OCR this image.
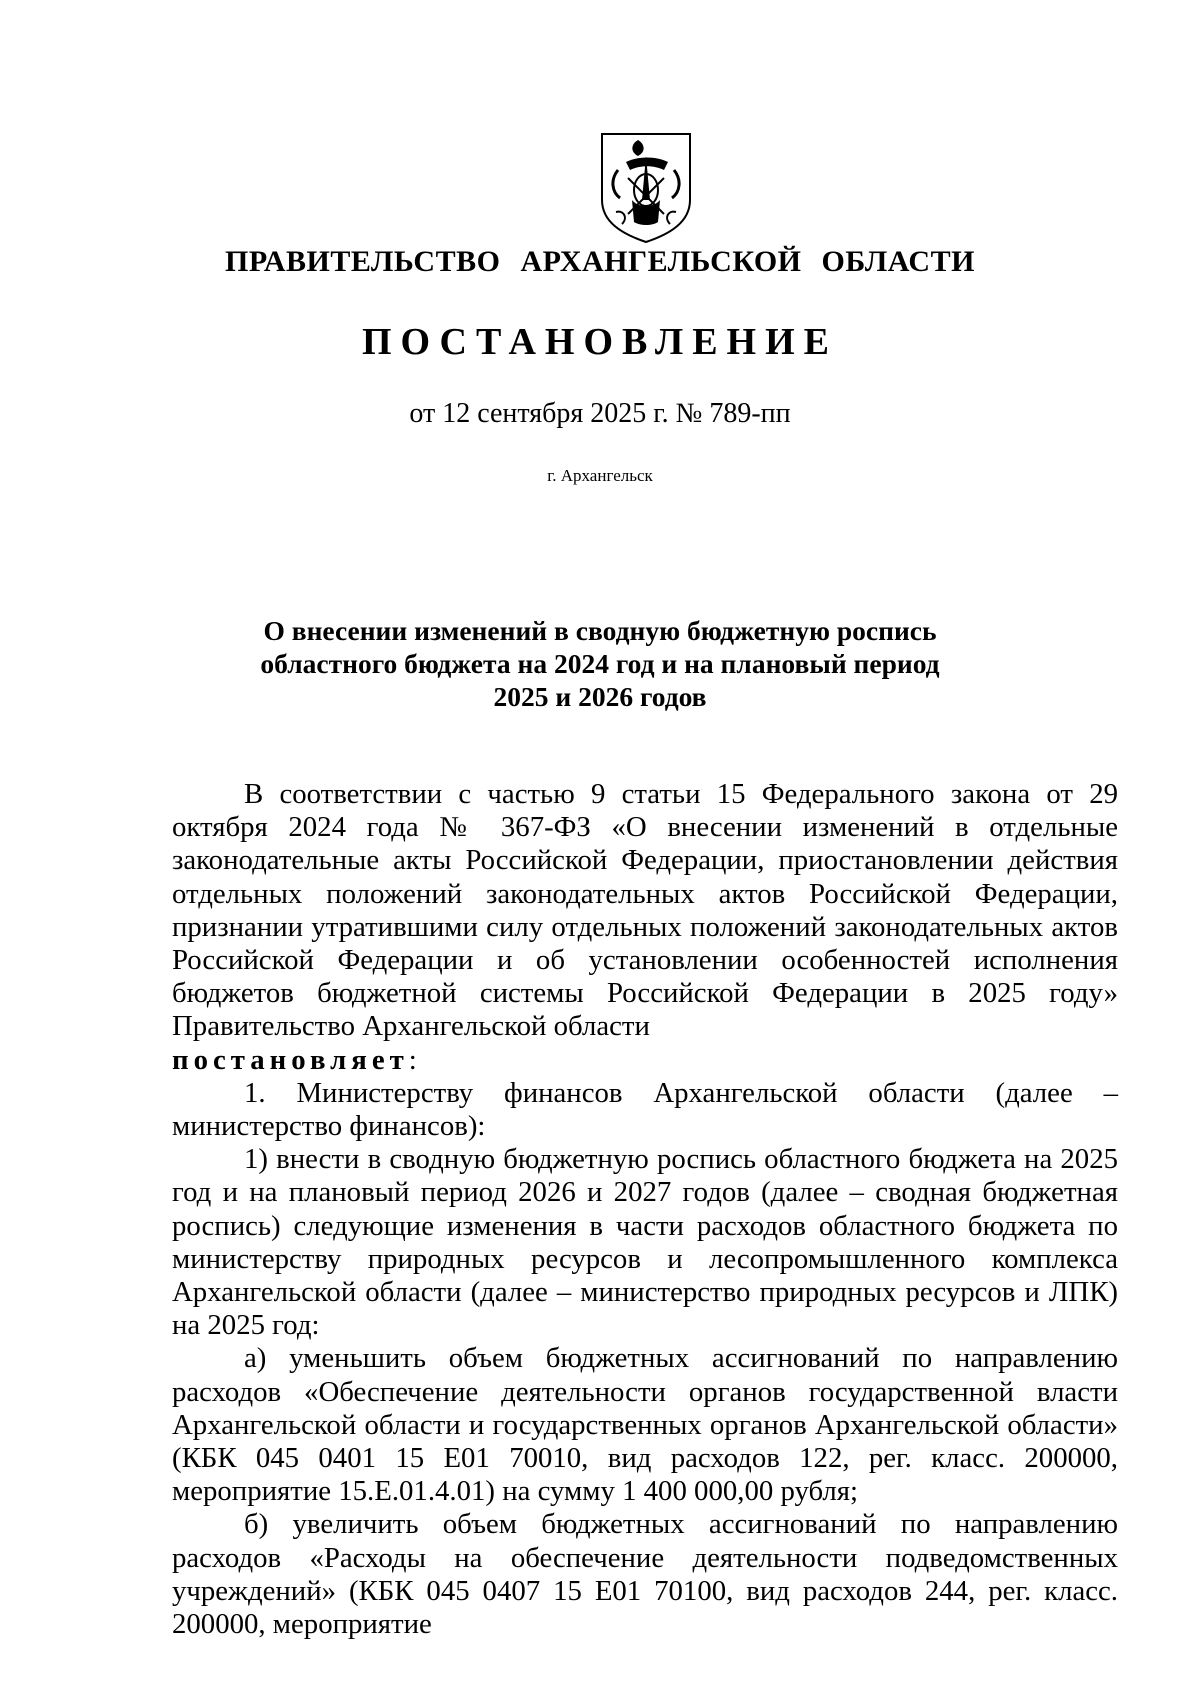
ПРАВИТЕЛЬСТВО АРХАНГЕЛЬСКОЙ ОБЛАСТИ
ПОСТАНОВЛЕНИЕ
от 12 сентября 2025 г. № 789-пп
г. Архангельск
О внесении изменений в сводную бюджетную роспись
областного бюджета на 2024 год и на плановый период
2025 и 2026 годов

В соответствии с частью 9 статьи 15 Федерального закона от 29 октября 2024 года № 367-ФЗ «О внесении изменений в отдельные законодательные акты Российской Федерации, приостановлении действия отдельных положений законодательных актов Российской Федерации, признании утратившими силу отдельных положений законодательных актов Российской Федерации и об установлении особенностей исполнения бюджетов бюджетной системы Российской Федерации в 2025 году» Правительство Архангельской области

постановляет:

1. Министерству финансов Архангельской области (далее – министерство финансов):

1) внести в сводную бюджетную роспись областного бюджета на 2025 год и на плановый период 2026 и 2027 годов (далее – сводная бюджетная роспись) следующие изменения в части расходов областного бюджета по министерству природных ресурсов и лесопромышленного комплекса Архангельской области (далее – министерство природных ресурсов и ЛПК) на 2025 год:

а) уменьшить объем бюджетных ассигнований по направлению расходов «Обеспечение деятельности органов государственной власти Архангельской области и государственных органов Архангельской области» (КБК 045 0401 15 Е01 70010, вид расходов 122, рег. класс. 200000, мероприятие 15.Е.01.4.01) на сумму 1 400 000,00 рубля;

б) увеличить объем бюджетных ассигнований по направлению расходов «Расходы на обеспечение деятельности подведомственных учреждений» (КБК 045 0407 15 Е01 70100, вид расходов 244, рег. класс. 200000, мероприятие
